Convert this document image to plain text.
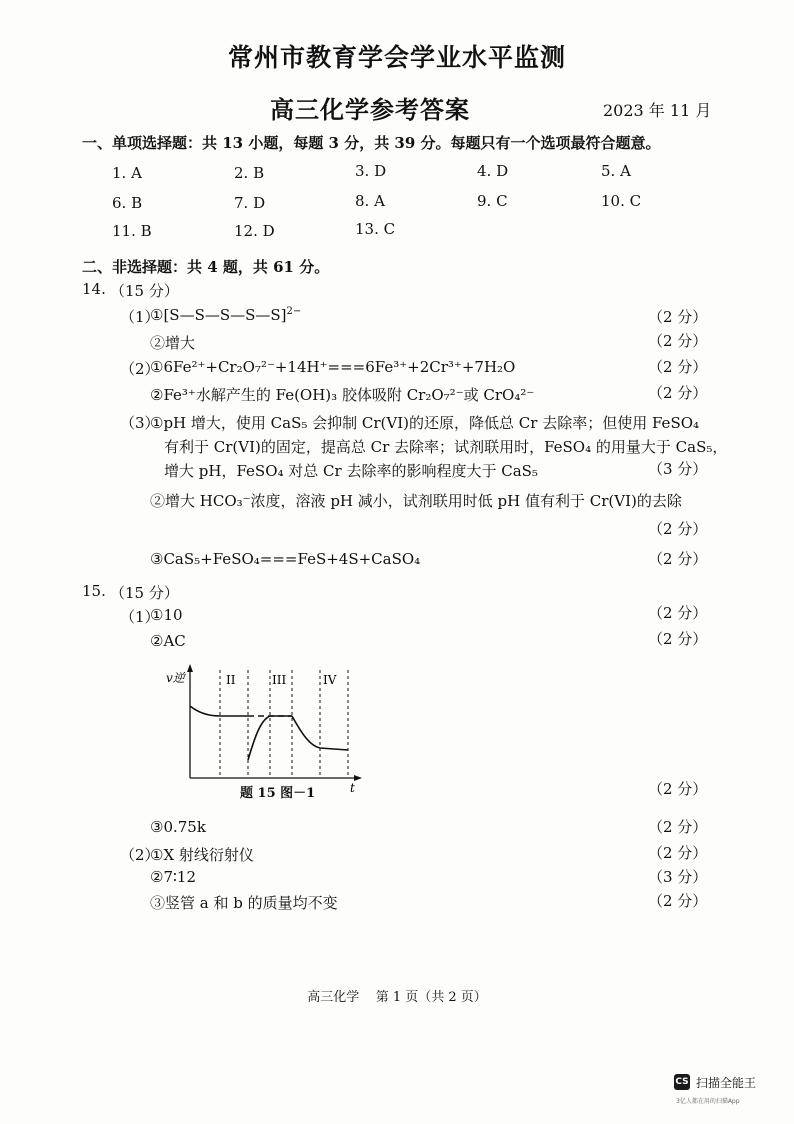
常州市教育学会学业水平监测
高三化学参考答案	2023 年 11 月
一、单项选择题：共 13 小题，每题 3 分，共 39 分。每题只有一个选项最符合题意。
1. A	2. B	3. D	4. D	5. A
6. B	7. D	8. A	9. C	10. C
11. B	12. D	13. C
二、非选择题：共 4 题，共 61 分。
14. （15 分）
（1）
①[S—S—S—S—S]$^{2-}$	（2 分）
②增大	（2 分）
（2）
①6Fe²⁺+Cr₂O₇²⁻+14H⁺===6Fe³⁺+2Cr³⁺+7H₂O	（2 分）
②Fe³⁺水解产生的 Fe(OH)₃ 胶体吸附 Cr₂O₇²⁻或 CrO₄²⁻	（2 分）
（3）
①pH 增大，使用 CaS₅ 会抑制 Cr(VI)的还原，降低总 Cr 去除率；但使用 FeSO₄
有利于 Cr(VI)的固定，提高总 Cr 去除率；试剂联用时，FeSO₄ 的用量大于 CaS₅，
增大 pH，FeSO₄ 对总 Cr 去除率的影响程度大于 CaS₅	（3 分）
②增大 HCO₃⁻浓度，溶液 pH 减小，试剂联用时低 pH 值有利于 Cr(VI)的去除
（2 分）
③CaS₅+FeSO₄===FeS+4S+CaSO₄	（2 分）
15. （15 分）
（1）
①10	（2 分）
②AC	（2 分）
v逆
t
II	III	IV
题 15 图－1	（2 分）
③0.75k	（2 分）
（2）
①X 射线衍射仪	（2 分）
②7∶12	（3 分）
③竖管 a 和 b 的质量均不变	（2 分）
高三化学    第 1 页（共 2 页）
CS 扫描全能王
3亿人都在用的扫描App
